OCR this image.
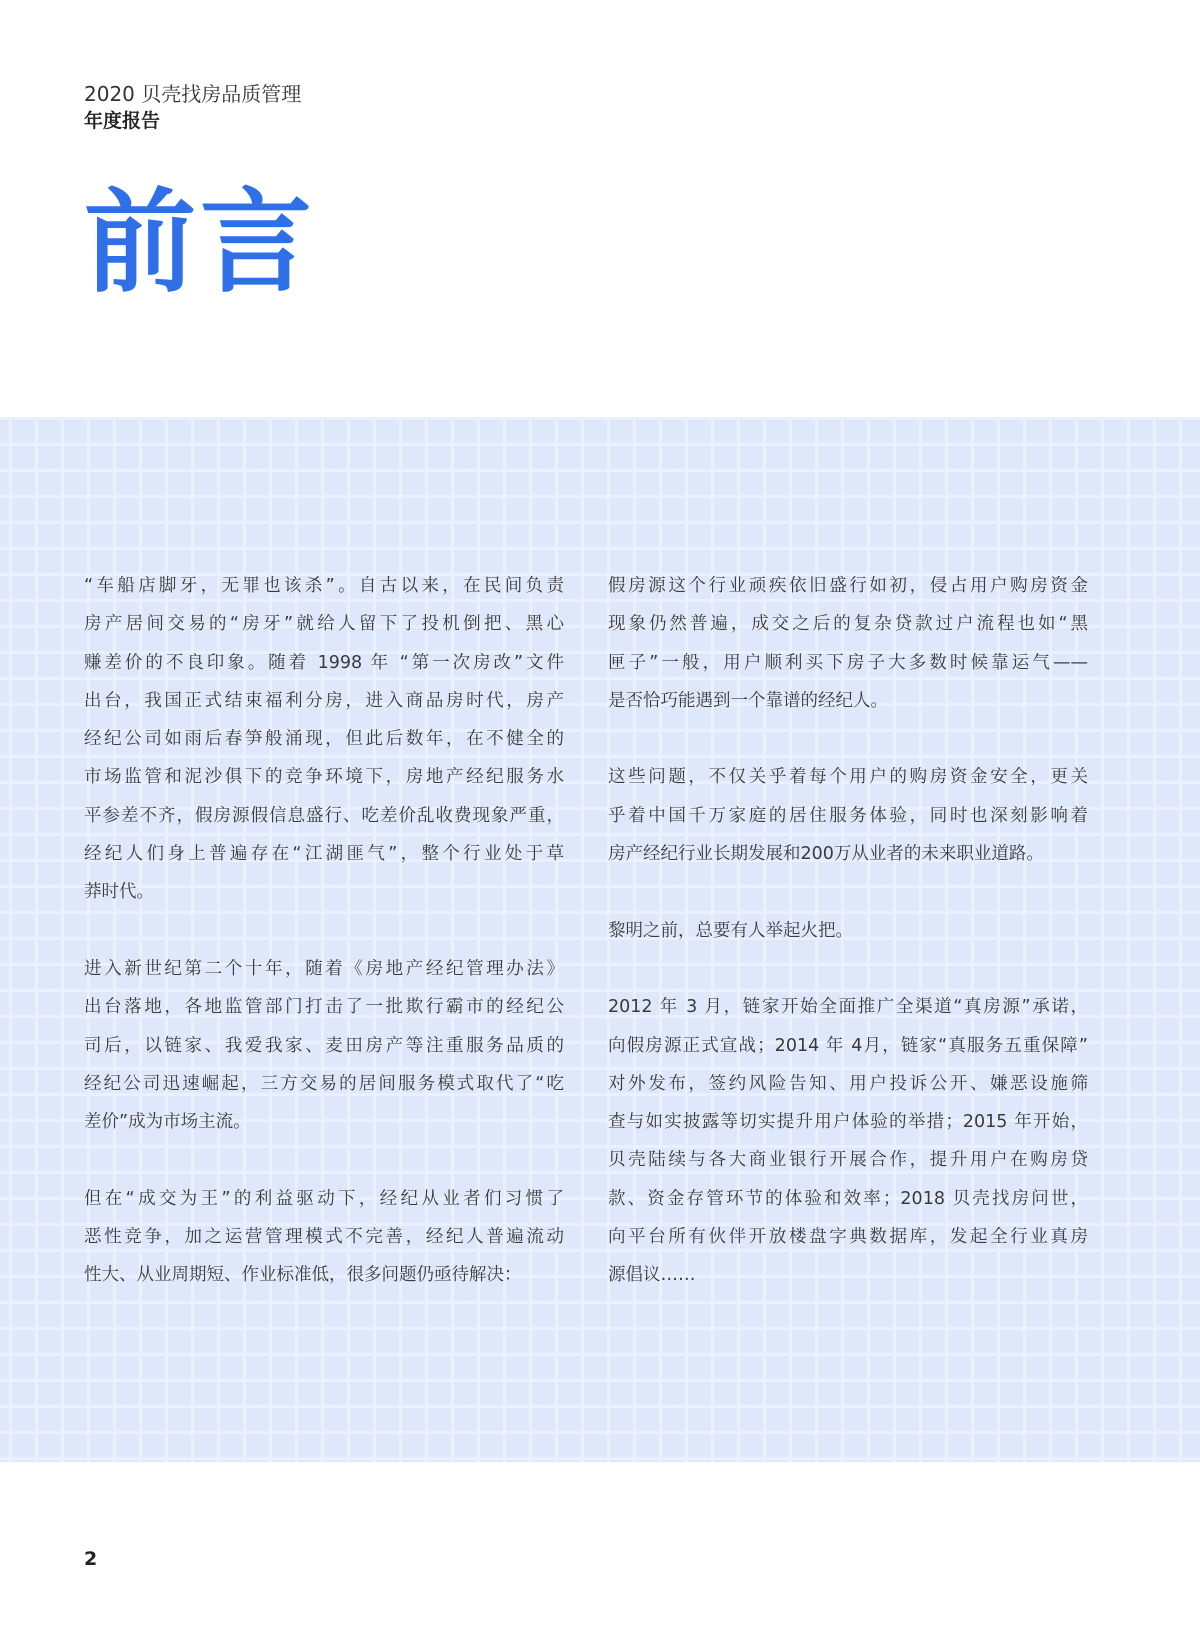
2020 贝壳找房品质管理
年度报告
前言
“车船店脚牙，无罪也该杀”。自古以来，在民间负责
房产居间交易的“房牙”就给人留下了投机倒把、黑心
赚差价的不良印象。随着 1998 年 “第一次房改”文件
出台，我国正式结束福利分房，进入商品房时代，房产
经纪公司如雨后春笋般涌现，但此后数年，在不健全的
市场监管和泥沙俱下的竞争环境下，房地产经纪服务水
平参差不齐，假房源假信息盛行、吃差价乱收费现象严重，
经纪人们身上普遍存在“江湖匪气”，整个行业处于草
莽时代。
进入新世纪第二个十年，随着《房地产经纪管理办法》
出台落地，各地监管部门打击了一批欺行霸市的经纪公
司后，以链家、我爱我家、麦田房产等注重服务品质的
经纪公司迅速崛起，三方交易的居间服务模式取代了“吃
差价”成为市场主流。
但在“成交为王”的利益驱动下，经纪从业者们习惯了
恶性竞争，加之运营管理模式不完善，经纪人普遍流动
性大、从业周期短、作业标准低，很多问题仍亟待解决：
假房源这个行业顽疾依旧盛行如初，侵占用户购房资金
现象仍然普遍，成交之后的复杂贷款过户流程也如“黑
匣子”一般，用户顺利买下房子大多数时候靠运气——
是否恰巧能遇到一个靠谱的经纪人。
这些问题，不仅关乎着每个用户的购房资金安全，更关
乎着中国千万家庭的居住服务体验，同时也深刻影响着
房产经纪行业长期发展和200万从业者的未来职业道路。
黎明之前，总要有人举起火把。
2012 年 3 月，链家开始全面推广全渠道“真房源”承诺，
向假房源正式宣战；2014 年 4月，链家“真服务五重保障”
对外发布，签约风险告知、用户投诉公开、嫌恶设施筛
查与如实披露等切实提升用户体验的举措；2015 年开始，
贝壳陆续与各大商业银行开展合作，提升用户在购房贷
款、资金存管环节的体验和效率；2018 贝壳找房问世，
向平台所有伙伴开放楼盘字典数据库，发起全行业真房
源倡议……
2
